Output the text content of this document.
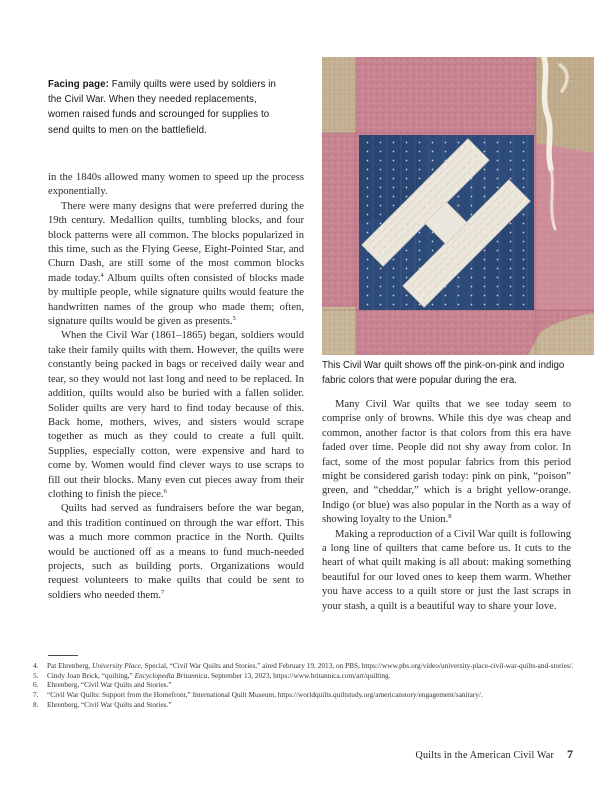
Facing page: Family quilts were used by soldiers in the Civil War. When they needed replacements, women raised funds and scrounged for supplies to send quilts to men on the battlefield.

in the 1840s allowed many women to speed up the process exponentially.

There were many designs that were preferred during the 19th century. Medallion quilts, tumbling blocks, and four block patterns were all common. The blocks popularized in this time, such as the Flying Geese, Eight-Pointed Star, and Churn Dash, are still some of the most common blocks made today.$^4$ Album quilts often consisted of blocks made by multiple people, while signature quilts would feature the handwritten names of the group who made them; often, signature quilts would be given as presents.$^5$

When the Civil War (1861–1865) began, soldiers would take their family quilts with them. However, the quilts were constantly being packed in bags or received daily wear and tear, so they would not last long and need to be replaced. In addition, quilts would also be buried with a fallen solider. Solider quilts are very hard to find today because of this. Back home, mothers, wives, and sisters would scrape together as much as they could to create a full quilt. Supplies, especially cotton, were expensive and hard to come by. Women would find clever ways to use scraps to fill out their blocks. Many even cut pieces away from their clothing to finish the piece.$^6$

Quilts had served as fundraisers before the war began, and this tradition continued on through the war effort. This was a much more common practice in the North. Quilts would be auctioned off as a means to fund much-needed projects, such as building ports. Organizations would request volunteers to make quilts that could be sent to soldiers who needed them.$^7$

This Civil War quilt shows off the pink-on-pink and indigo fabric colors that were popular during the era.

Many Civil War quilts that we see today seem to comprise only of browns. While this dye was cheap and common, another factor is that colors from this era have faded over time. People did not shy away from color. In fact, some of the most popular fabrics from this period might be considered garish today: pink on pink, “poison” green, and “cheddar,” which is a bright yellow-orange. Indigo (or blue) was also popular in the North as a way of showing loyalty to the Union.$^8$

Making a reproduction of a Civil War quilt is following a long line of quilters that came before us. It cuts to the heart of what quilt making is all about: making something beautiful for our loved ones to keep them warm. Whether you have access to a quilt store or just the last scraps in your stash, a quilt is a beautiful way to share your love.

4.	Pat Ehrenberg, University Place, Special, “Civil War Quilts and Stories,” aired February 19, 2013, on PBS, https://www.pbs.org/video/university-place-civil-war-quilts-and-stories/.
5.	Cindy Joan Brick, “quilting,” Encyclopedia Britannica, September 13, 2023, https://www.britannica.com/art/quilting.
6.	Ehrenberg, “Civil War Quilts and Stories.”
7.	“Civil War Quilts: Support from the Homefront,” International Quilt Museum, https://worldquilts.quiltstudy.org/americanstory/engagement/sanitary/.
8.	Ehrenberg, “Civil War Quilts and Stories.”
Quilts in the American Civil War 7
